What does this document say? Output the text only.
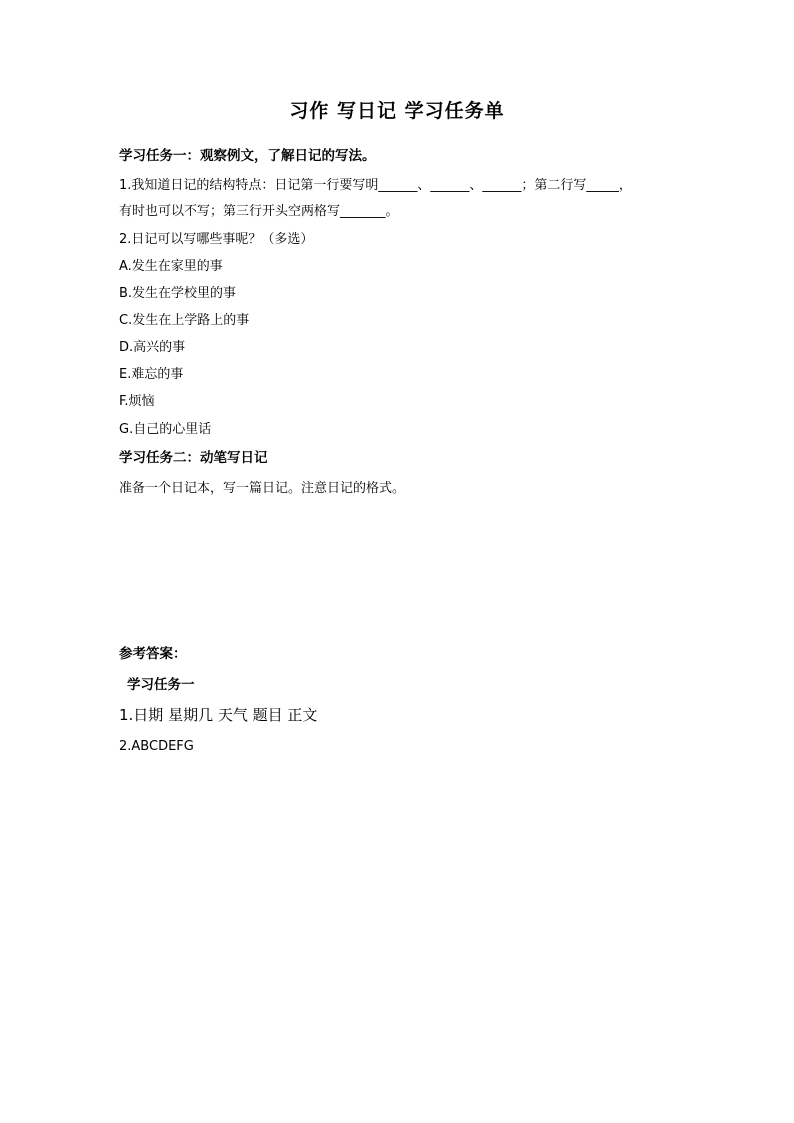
习作 写日记 学习任务单
学习任务一：观察例文，了解日记的写法。
1.我知道日记的结构特点：日记第一行要写明______、______、______；第二行写_____，
有时也可以不写；第三行开头空两格写_______。
2.日记可以写哪些事呢？（多选）
A.发生在家里的事
B.发生在学校里的事
C.发生在上学路上的事
D.高兴的事
E.难忘的事
F.烦恼
G.自己的心里话
学习任务二：动笔写日记
准备一个日记本，写一篇日记。注意日记的格式。
参考答案：
学习任务一
1.日期 星期几 天气 题目 正文
2.ABCDEFG
